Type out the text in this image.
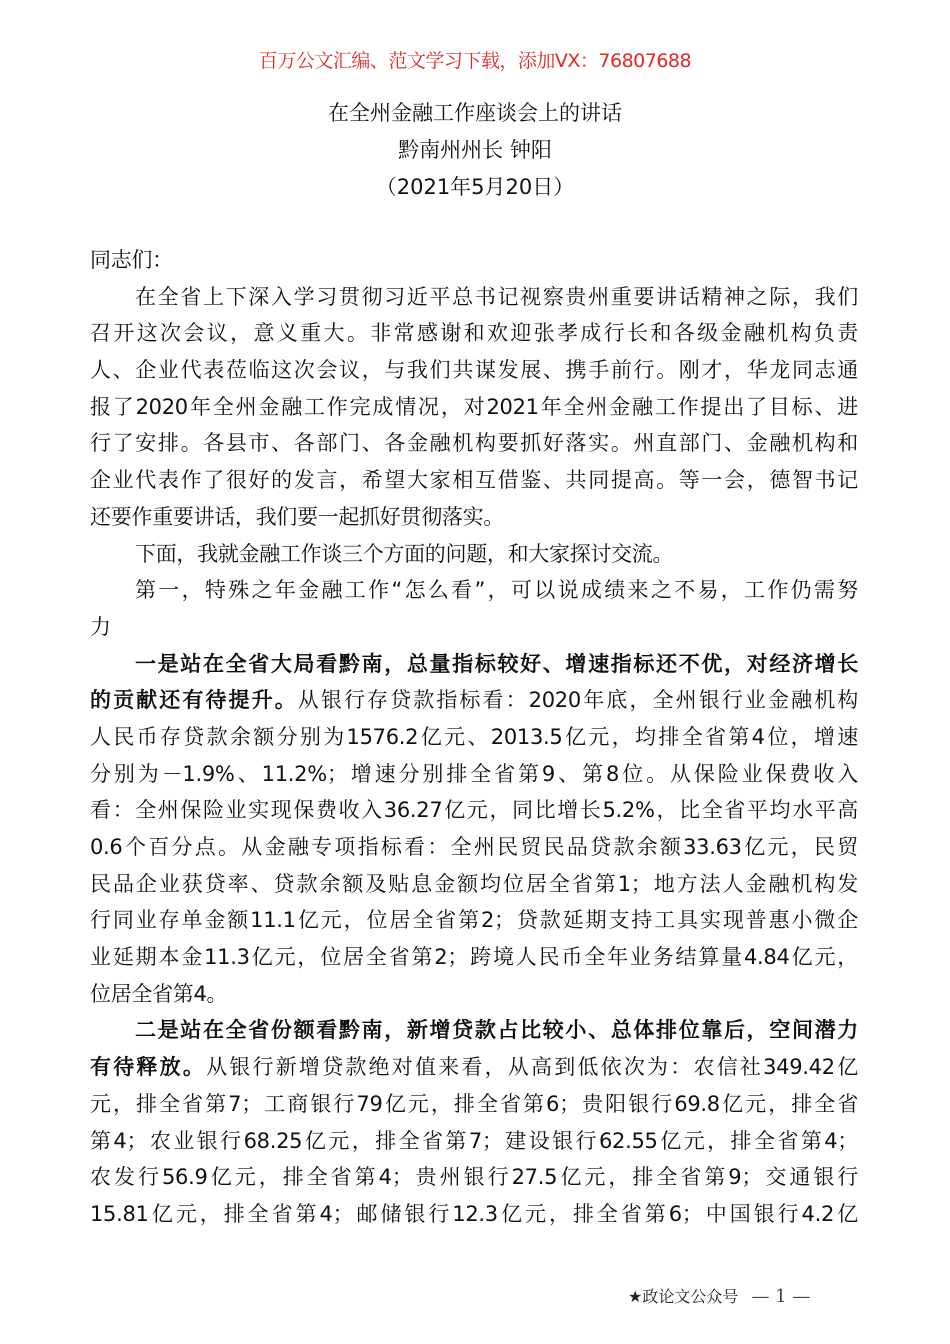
百万公文汇编、范文学习下载，添加VX：76807688
在全州金融工作座谈会上的讲话
黔南州州长 钟阳
（2021年5月20日）
同志们：
在全省上下深入学习贯彻习近平总书记视察贵州重要讲话精神之际，我们
召开这次会议，意义重大。非常感谢和欢迎张孝成行长和各级金融机构负责
人、企业代表莅临这次会议，与我们共谋发展、携手前行。刚才，华龙同志通
报了2020年全州金融工作完成情况，对2021年全州金融工作提出了目标、进
行了安排。各县市、各部门、各金融机构要抓好落实。州直部门、金融机构和
企业代表作了很好的发言，希望大家相互借鉴、共同提高。等一会，德智书记
还要作重要讲话，我们要一起抓好贯彻落实。
下面，我就金融工作谈三个方面的问题，和大家探讨交流。
第一，特殊之年金融工作“怎么看”，可以说成绩来之不易，工作仍需努
力
一是站在全省大局看黔南，总量指标较好、增速指标还不优，对经济增长
的贡献还有待提升。从银行存贷款指标看：2020年底，全州银行业金融机构
人民币存贷款余额分别为1576.2亿元、2013.5亿元，均排全省第4位，增速
分别为－1.9%、11.2%；增速分别排全省第9、第8位。从保险业保费收入
看：全州保险业实现保费收入36.27亿元，同比增长5.2%，比全省平均水平高
0.6个百分点。从金融专项指标看：全州民贸民品贷款余额33.63亿元，民贸
民品企业获贷率、贷款余额及贴息金额均位居全省第1；地方法人金融机构发
行同业存单金额11.1亿元，位居全省第2；贷款延期支持工具实现普惠小微企
业延期本金11.3亿元，位居全省第2；跨境人民币全年业务结算量4.84亿元，
位居全省第4。
二是站在全省份额看黔南，新增贷款占比较小、总体排位靠后，空间潜力
有待释放。从银行新增贷款绝对值来看，从高到低依次为：农信社349.42亿
元，排全省第7；工商银行79亿元，排全省第6；贵阳银行69.8亿元，排全省
第4；农业银行68.25亿元，排全省第7；建设银行62.55亿元，排全省第4；
农发行56.9亿元，排全省第4；贵州银行27.5亿元，排全省第9；交通银行
15.81亿元，排全省第4；邮储银行12.3亿元，排全省第6；中国银行4.2亿
★政论文公众号 — 1 —
